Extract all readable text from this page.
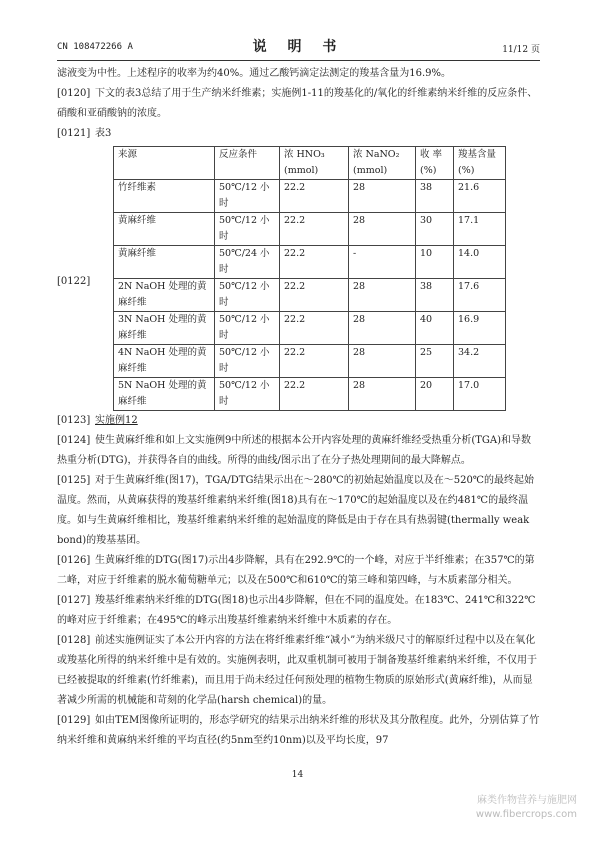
CN 108472266 A	说 明 书	11/12 页

滤液变为中性。上述程序的收率为约40%。通过乙酸钙滴定法测定的羧基含量为16.9%。

[0120] 下文的表3总结了用于生产纳米纤维素；实施例1-11的羧基化的/氧化的纤维素纳米纤维的反应条件、硝酸和亚硝酸钠的浓度。

[0121] 表3

[0122]
来源	反应条件	浓 HNO₃ (mmol)	浓 NaNO₂ (mmol)	收 率 (%)	羧基含量(%)
竹纤维素	50℃/12 小时	22.2	28	38	21.6
黄麻纤维	50℃/12 小时	22.2	28	30	17.1
黄麻纤维	50℃/24 小时	22.2	-	10	14.0
2N NaOH 处理的黄麻纤维	50℃/12 小时	22.2	28	38	17.6
3N NaOH 处理的黄麻纤维	50℃/12 小时	22.2	28	40	16.9
4N NaOH 处理的黄麻纤维	50℃/12 小时	22.2	28	25	34.2
5N NaOH 处理的黄麻纤维	50℃/12 小时	22.2	28	20	17.0

[0123] 实施例12

[0124] 使生黄麻纤维和如上文实施例9中所述的根据本公开内容处理的黄麻纤维经受热重分析(TGA)和导数热重分析(DTG)，并获得各自的曲线。所得的曲线/图示出了在分子热处理期间的最大降解点。

[0125] 对于生黄麻纤维(图17)，TGA/DTG结果示出在～280℃的初始起始温度以及在～520℃的最终起始温度。然而，从黄麻获得的羧基纤维素纳米纤维(图18)具有在～170℃的起始温度以及在约481℃的最终温度。如与生黄麻纤维相比，羧基纤维素纳米纤维的起始温度的降低是由于存在具有热弱键(thermally weak bond)的羧基基团。

[0126] 生黄麻纤维的DTG(图17)示出4步降解，具有在292.9℃的一个峰，对应于半纤维素；在357℃的第二峰，对应于纤维素的脱水葡萄糖单元；以及在500℃和610℃的第三峰和第四峰，与木质素部分相关。

[0127] 羧基纤维素纳米纤维的DTG(图18)也示出4步降解，但在不同的温度处。在183℃、241℃和322℃的峰对应于纤维素；在495℃的峰示出羧基纤维素纳米纤维中木质素的存在。

[0128] 前述实施例证实了本公开内容的方法在将纤维素纤维“减小”为纳米级尺寸的解原纤过程中以及在氧化或羧基化所得的纳米纤维中是有效的。实施例表明，此双重机制可被用于制备羧基纤维素纳米纤维，不仅用于已经被提取的纤维素(竹纤维素)，而且用于尚未经过任何预处理的植物生物质的原始形式(黄麻纤维)，从而显著减少所需的机械能和苛刻的化学品(harsh chemical)的量。

[0129] 如由TEM图像所证明的，形态学研究的结果示出纳米纤维的形状及其分散程度。此外，分别估算了竹纳米纤维和黄麻纳米纤维的平均直径(约5nm至约10nm)以及平均长度，97

14
麻类作物营养与施肥网
www.fibercrops.com
